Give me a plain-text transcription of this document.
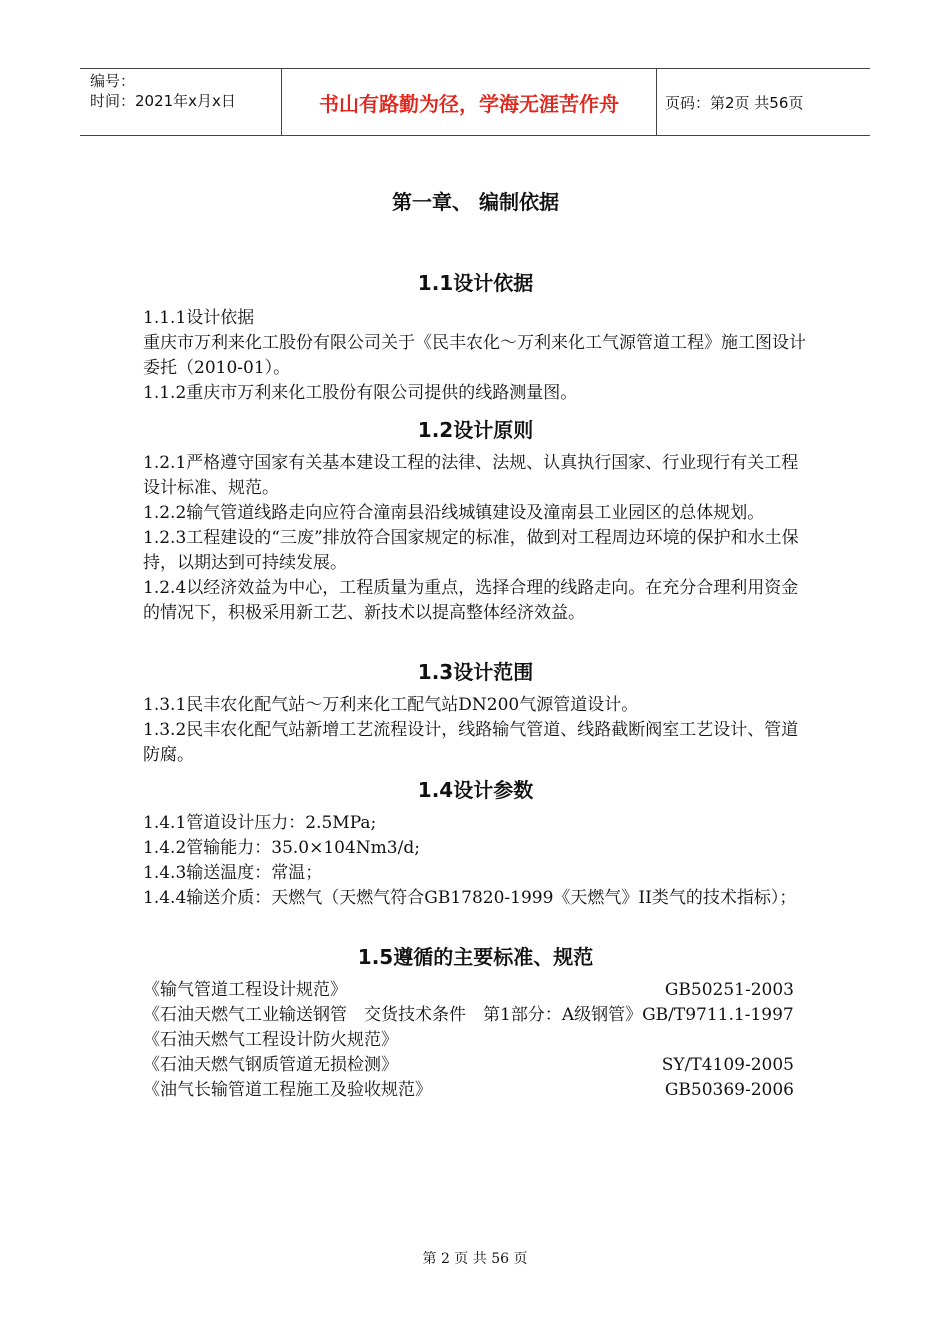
编号：
时间：2021年x月x日	书山有路勤为径，学海无涯苦作舟	页码：第2页 共56页
第一章、 编制依据
1.1设计依据

1.1.1设计依据

重庆市万利来化工股份有限公司关于《民丰农化～万利来化工气源管道工程》施工图设计委托（2010-01）。

1.1.2重庆市万利来化工股份有限公司提供的线路测量图。

1.2设计原则

1.2.1严格遵守国家有关基本建设工程的法律、法规、认真执行国家、行业现行有关工程设计标准、规范。

1.2.2输气管道线路走向应符合潼南县沿线城镇建设及潼南县工业园区的总体规划。

1.2.3工程建设的“三废”排放符合国家规定的标准，做到对工程周边环境的保护和水土保持，以期达到可持续发展。

1.2.4以经济效益为中心，工程质量为重点，选择合理的线路走向。在充分合理利用资金的情况下，积极采用新工艺、新技术以提高整体经济效益。

1.3设计范围

1.3.1民丰农化配气站～万利来化工配气站DN200气源管道设计。

1.3.2民丰农化配气站新增工艺流程设计，线路输气管道、线路截断阀室工艺设计、管道防腐。

1.4设计参数

1.4.1管道设计压力：2.5MPa;

1.4.2管输能力：35.0×104Nm3/d;

1.4.3输送温度：常温；

1.4.4输送介质：天燃气（天燃气符合GB17820-1999《天燃气》II类气的技术指标）；

1.5遵循的主要标准、规范
《输气管道工程设计规范》	GB50251-2003
《石油天燃气工业输送钢管　交货技术条件　第1部分：A级钢管》GB/T9711.1-1997
《石油天燃气工程设计防火规范》
《石油天燃气钢质管道无损检测》	SY/T4109-2005
《油气长输管道工程施工及验收规范》	GB50369-2006
第 2 页 共 56 页
